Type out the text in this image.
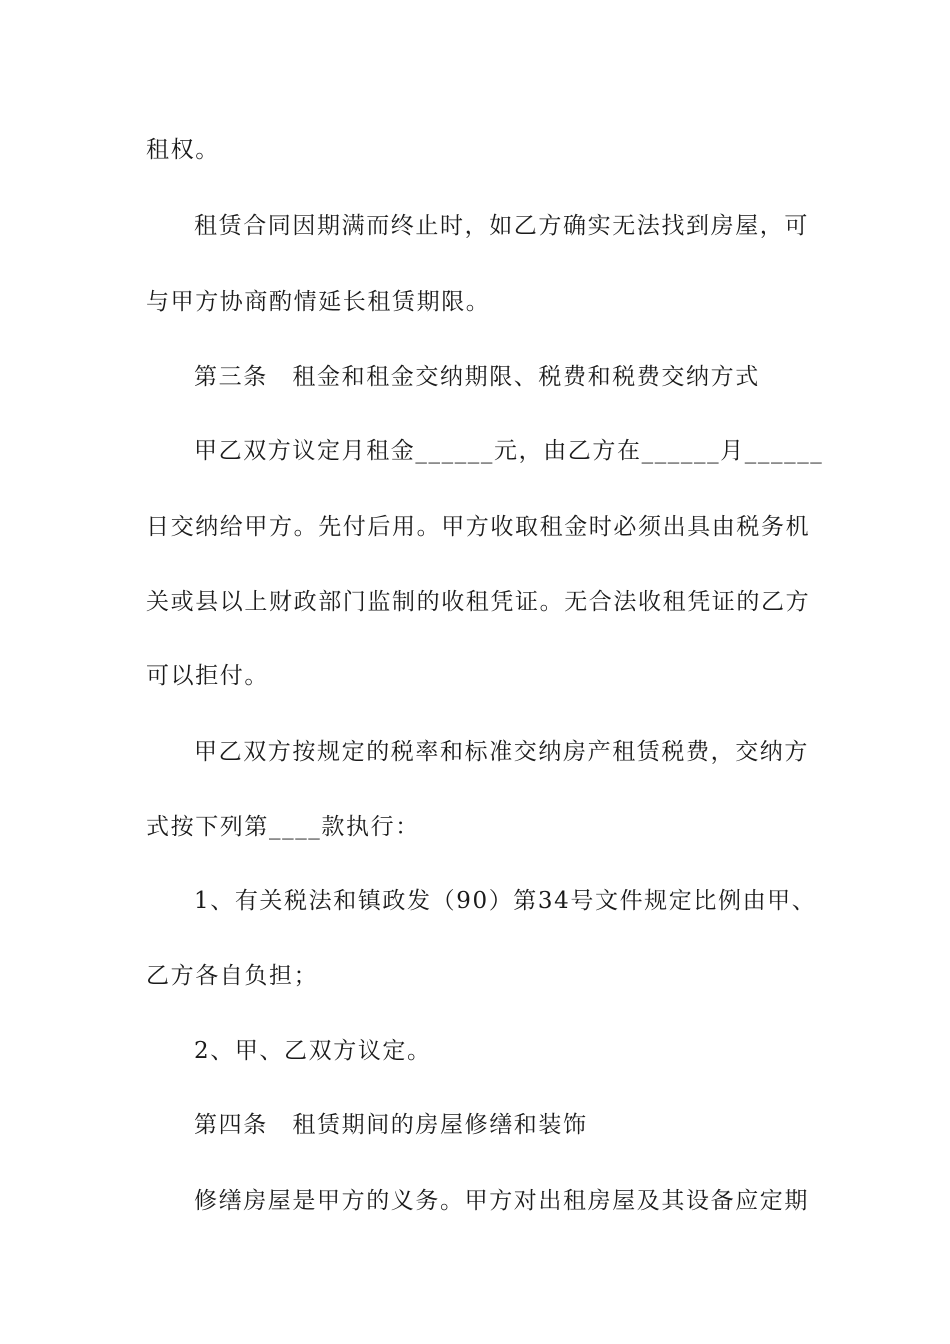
租权。
租赁合同因期满而终止时，如乙方确实无法找到房屋，可
与甲方协商酌情延长租赁期限。
第三条　租金和租金交纳期限、税费和税费交纳方式
甲乙双方议定月租金______元，由乙方在______月______
日交纳给甲方。先付后用。甲方收取租金时必须出具由税务机
关或县以上财政部门监制的收租凭证。无合法收租凭证的乙方
可以拒付。
甲乙双方按规定的税率和标准交纳房产租赁税费，交纳方
式按下列第____款执行：
1、有关税法和镇政发（90）第34号文件规定比例由甲、
乙方各自负担；
2、甲、乙双方议定。
第四条　租赁期间的房屋修缮和装饰
修缮房屋是甲方的义务。甲方对出租房屋及其设备应定期
